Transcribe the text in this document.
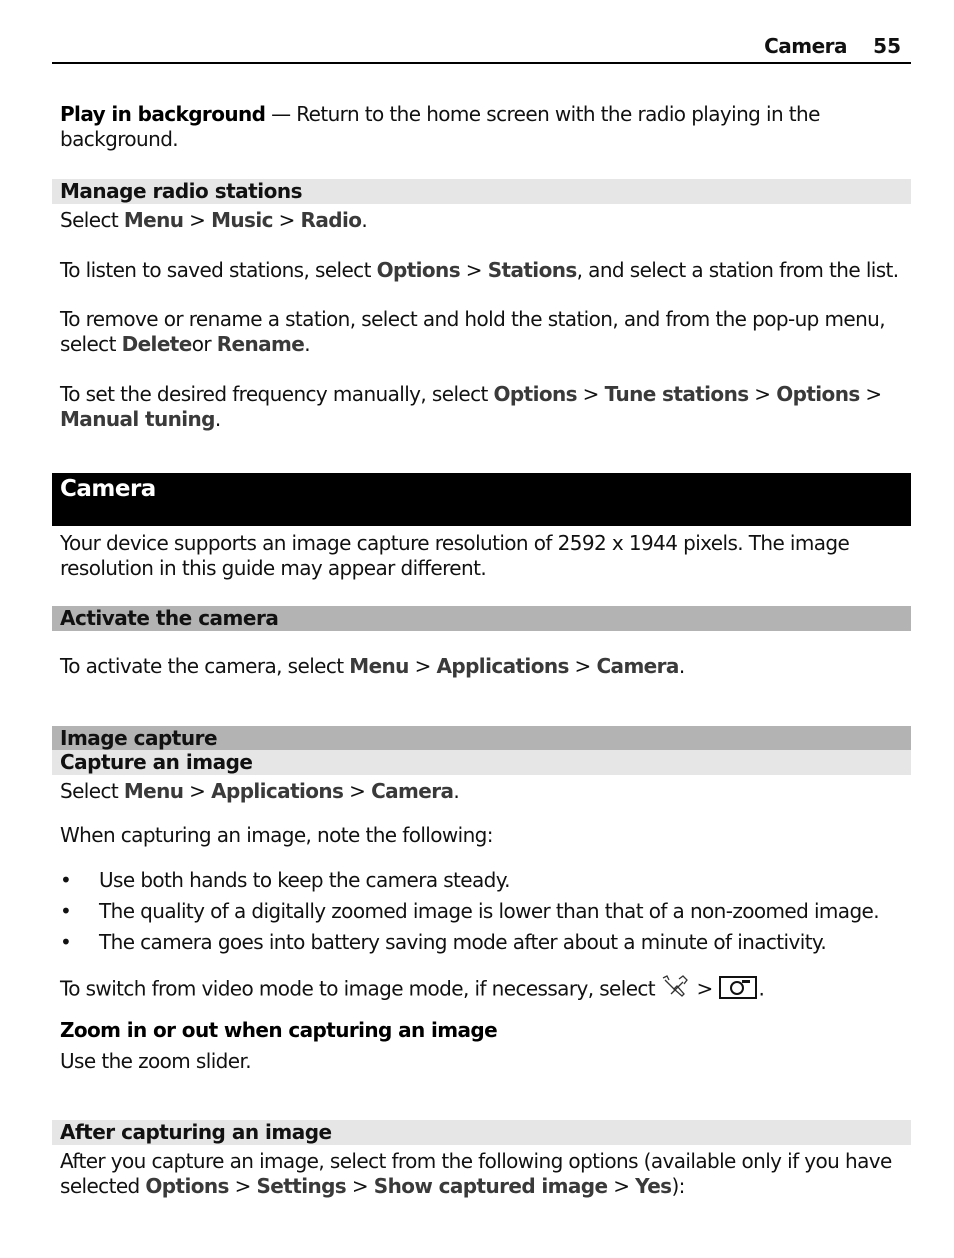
Camera 55
Play in background — Return to the home screen with the radio playing in the background.
Manage radio stations
Select Menu > Music > Radio.
To listen to saved stations, select Options > Stations, and select a station from the list.
To remove or rename a station, select and hold the station, and from the pop-up menu, select Deleteor Rename.
To set the desired frequency manually, select Options > Tune stations > Options > Manual tuning.
Camera
Your device supports an image capture resolution of 2592 x 1944 pixels. The image resolution in this guide may appear different.
Activate the camera
To activate the camera, select Menu > Applications > Camera.
Image capture
Capture an image
Select Menu > Applications > Camera.
When capturing an image, note the following:
• Use both hands to keep the camera steady.
• The quality of a digitally zoomed image is lower than that of a non-zoomed image.
• The camera goes into battery saving mode after about a minute of inactivity.
To switch from video mode to image mode, if necessary, select  > .
Zoom in or out when capturing an image
Use the zoom slider.
After capturing an image
After you capture an image, select from the following options (available only if you have selected Options > Settings > Show captured image > Yes):
